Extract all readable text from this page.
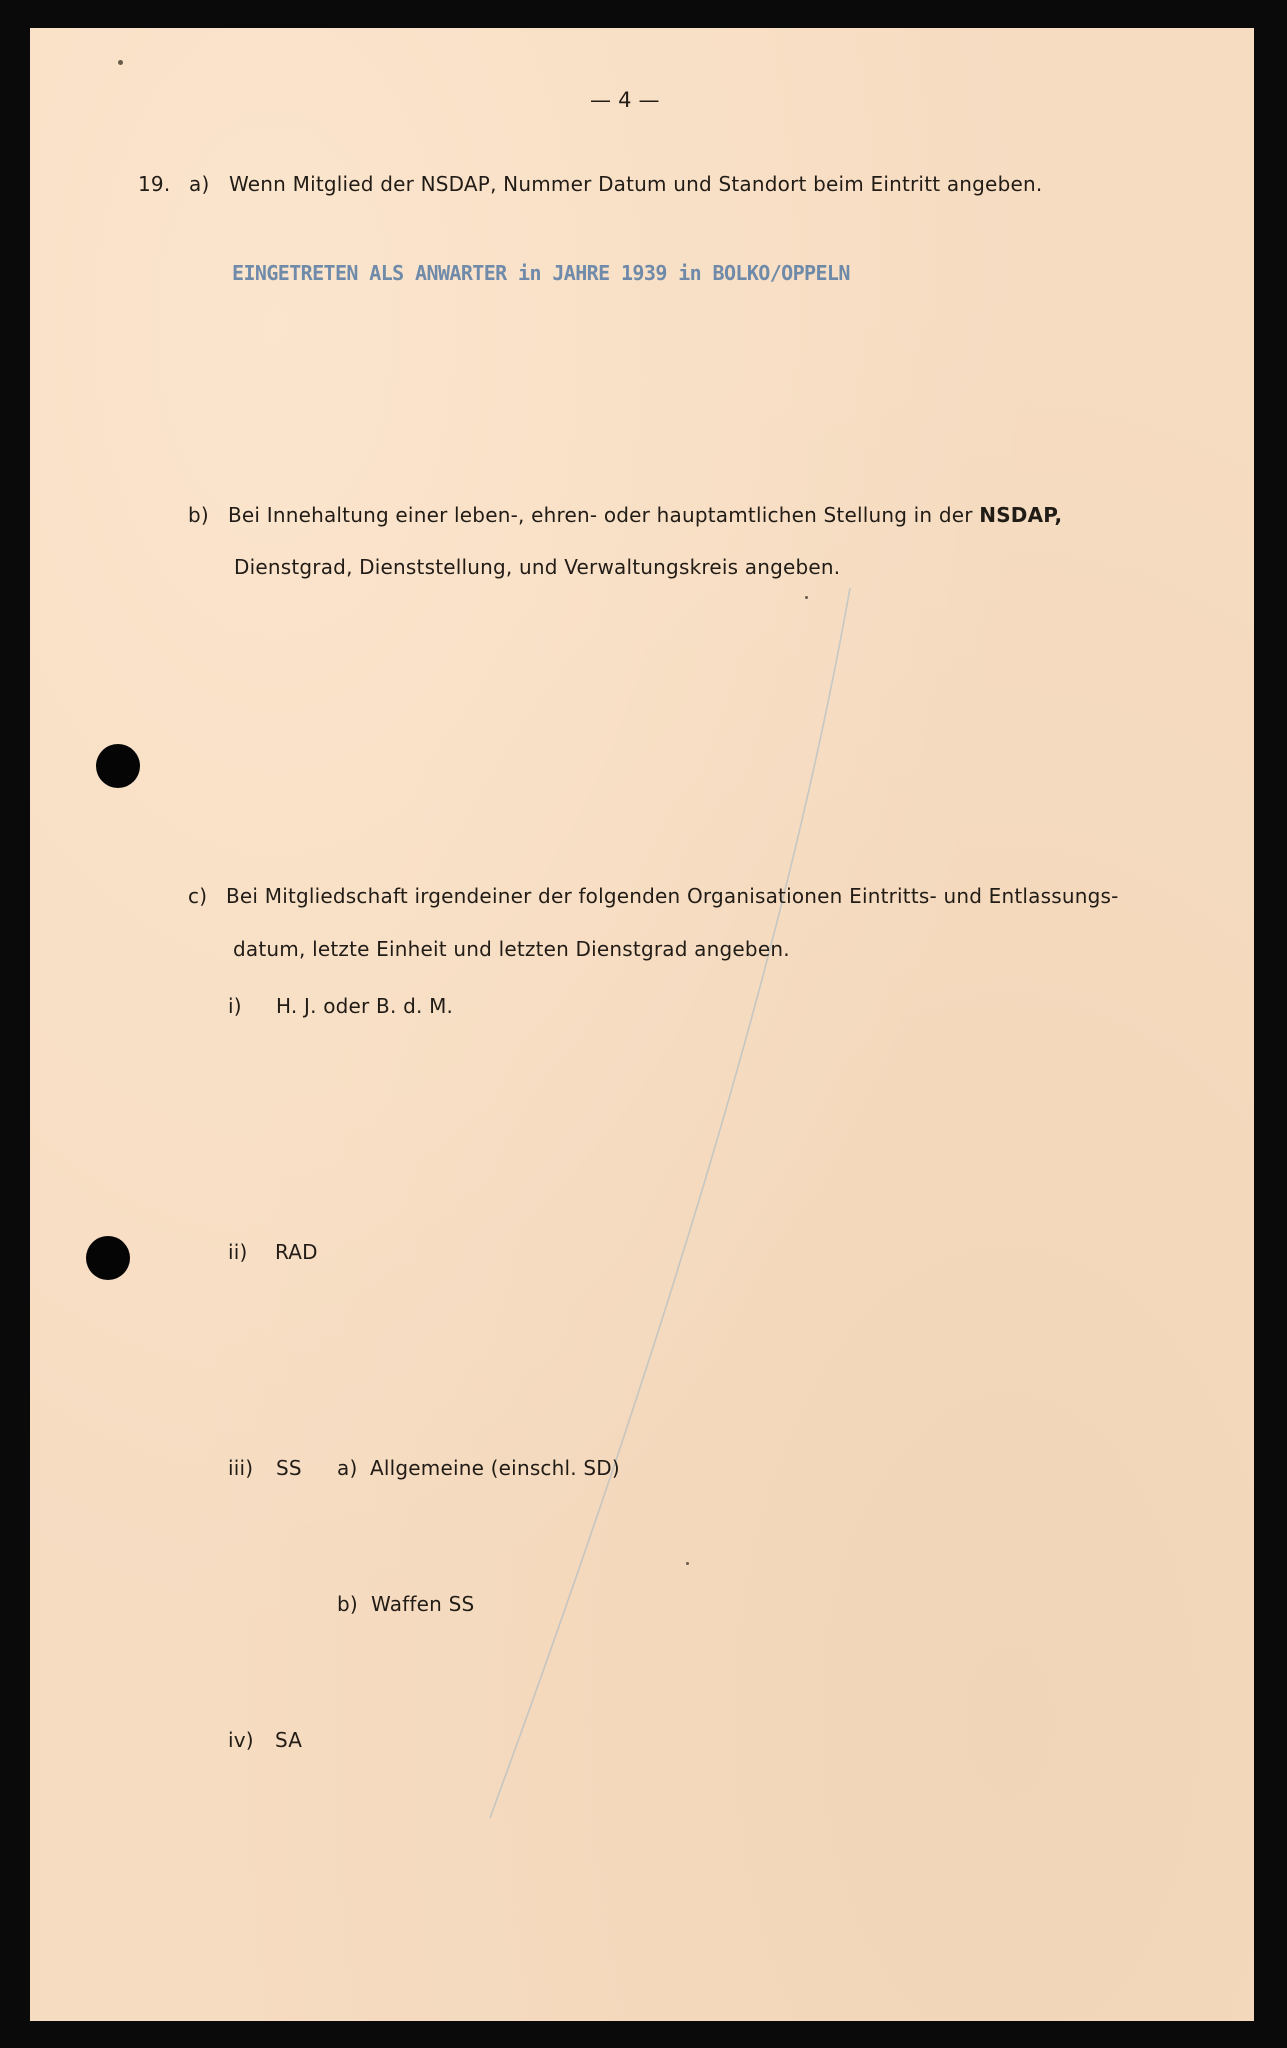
— 4 —
19. a) Wenn Mitglied der NSDAP, Nummer Datum und Standort beim Eintritt angeben.
EINGETRETEN ALS ANWARTER in JAHRE 1939 in BOLKO/OPPELN
b) Bei Innehaltung einer leben-, ehren- oder hauptamtlichen Stellung in der NSDAP,
Dienstgrad, Dienststellung, und Verwaltungskreis angeben.
c) Bei Mitgliedschaft irgendeiner der folgenden Organisationen Eintritts- und Entlassungs-
datum, letzte Einheit und letzten Dienstgrad angeben.
i) H. J. oder B. d. M.
ii) RAD
iii) SS a) Allgemeine (einschl. SD)
b) Waffen SS
iv) SA
